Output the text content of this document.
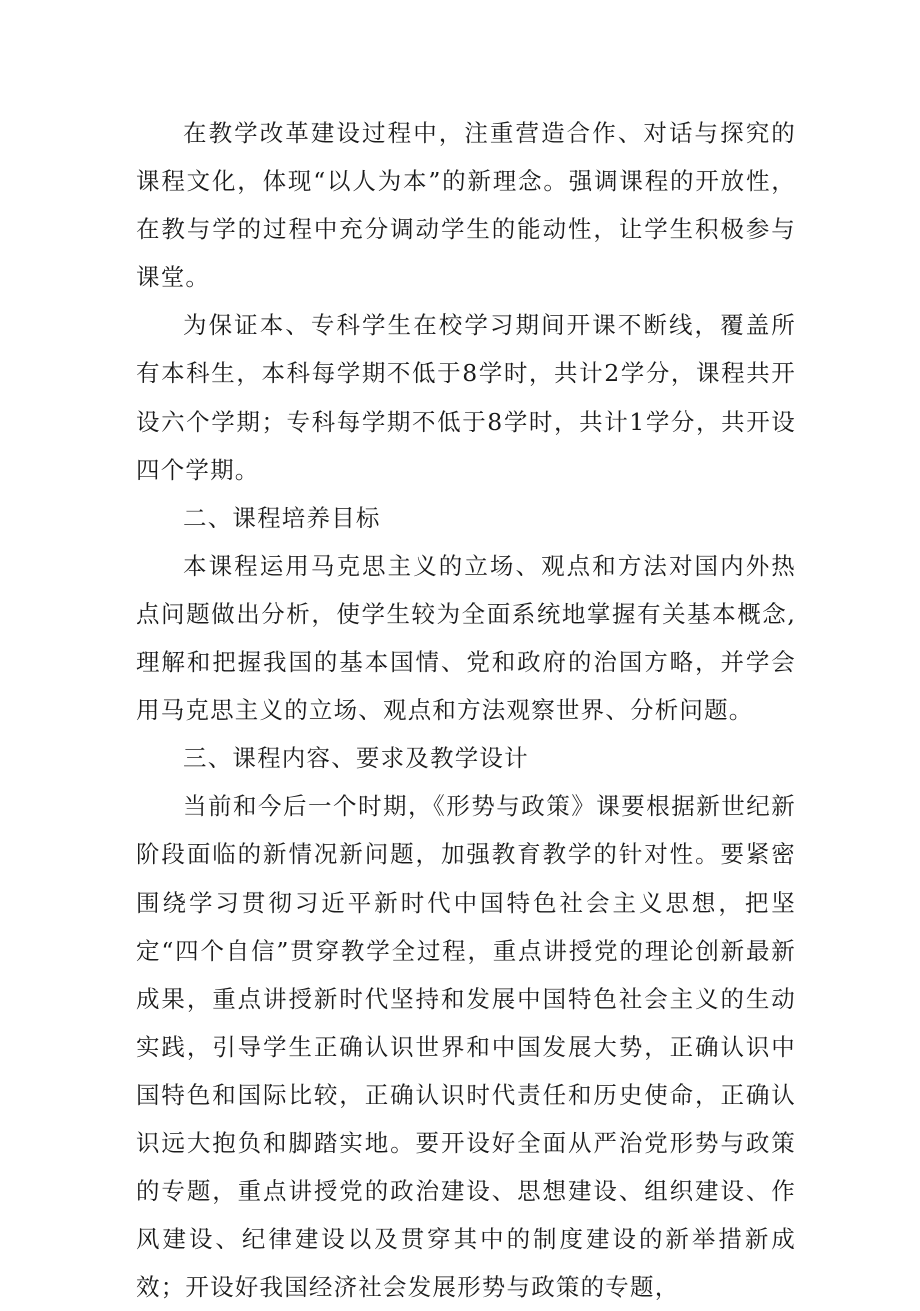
在教学改革建设过程中，注重营造合作、对话与探究的课程文化，体现“以人为本”的新理念。强调课程的开放性，在教与学的过程中充分调动学生的能动性，让学生积极参与课堂。

为保证本、专科学生在校学习期间开课不断线，覆盖所有本科生，本科每学期不低于8学时，共计2学分，课程共开设六个学期；专科每学期不低于8学时，共计1学分，共开设四个学期。

二、课程培养目标

本课程运用马克思主义的立场、观点和方法对国内外热点问题做出分析，使学生较为全面系统地掌握有关基本概念,理解和把握我国的基本国情、党和政府的治国方略，并学会用马克思主义的立场、观点和方法观察世界、分析问题。

三、课程内容、要求及教学设计

当前和今后一个时期，《形势与政策》课要根据新世纪新阶段面临的新情况新问题，加强教育教学的针对性。要紧密围绕学习贯彻习近平新时代中国特色社会主义思想，把坚定“四个自信”贯穿教学全过程，重点讲授党的理论创新最新成果，重点讲授新时代坚持和发展中国特色社会主义的生动实践，引导学生正确认识世界和中国发展大势，正确认识中国特色和国际比较，正确认识时代责任和历史使命，正确认识远大抱负和脚踏实地。要开设好全面从严治党形势与政策的专题，重点讲授党的政治建设、思想建设、组织建设、作风建设、纪律建设以及贯穿其中的制度建设的新举措新成效；开设好我国经济社会发展形势与政策的专题，
